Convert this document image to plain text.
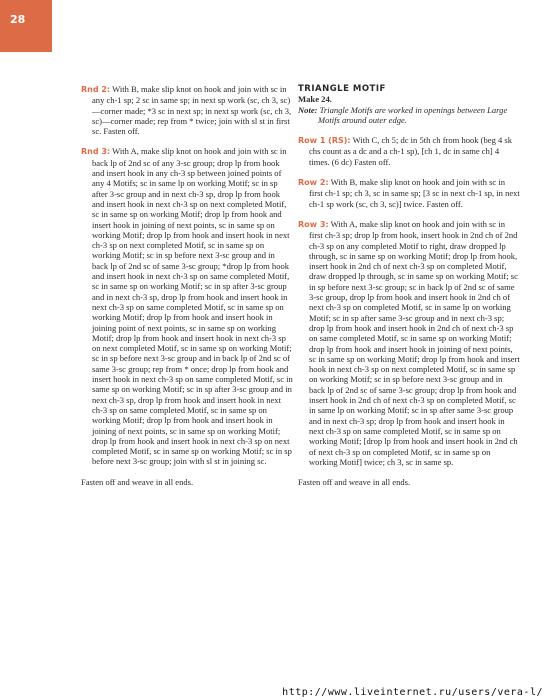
28

Rnd 2: With B, make slip knot on hook and join with sc in any ch-1 sp; 2 sc in same sp; in next sp work (sc, ch 3, sc)—corner made; *3 sc in next sp; in next sp work (sc, ch 3, sc)—corner made; rep from * twice; join with sl st in first sc. Fasten off.

Rnd 3: With A, make slip knot on hook and join with sc in back lp of 2nd sc of any 3-sc group; drop lp from hook and insert hook in any ch-3 sp between joined points of any 4 Motifs; sc in same lp on working Motif; sc in sp after 3-sc group and in next ch-3 sp, drop lp from hook and insert hook in next ch-3 sp on next completed Motif, sc in same sp on working Motif; drop lp from hook and insert hook in joining of next points, sc in same sp on working Motif; drop lp from hook and insert hook in next ch-3 sp on next completed Motif, sc in same sp on working Motif; sc in sp before next 3-sc group and in back lp of 2nd sc of same 3-sc group; *drop lp from hook and insert hook in next ch-3 sp on same completed Motif, sc in same sp on working Motif; sc in sp after 3-sc group and in next ch-3 sp, drop lp from hook and insert hook in next ch-3 sp on same completed Motif, sc in same sp on working Motif; drop lp from hook and insert hook in joining point of next points, sc in same sp on working Motif; drop lp from hook and insert hook in next ch-3 sp on next completed Motif, sc in same sp on working Motif; sc in sp before next 3-sc group and in back lp of 2nd sc of same 3-sc group; rep from * once; drop lp from hook and insert hook in next ch-3 sp on same completed Motif, sc in same sp on working Motif; sc in sp after 3-sc group and in next ch-3 sp, drop lp from hook and insert hook in next ch-3 sp on same completed Motif, sc in same sp on working Motif; drop lp from hook and insert hook in joining of next points, sc in same sp on working Motif; drop lp from hook and insert hook in next ch-3 sp on next completed Motif, sc in same sp on working Motif; sc in sp before next 3-sc group; join with sl st in joining sc.

Fasten off and weave in all ends.

TRIANGLE MOTIF

Make 24.

Note: Triangle Motifs are worked in openings between Large Motifs around outer edge.

Row 1 (RS): With C, ch 5; dc in 5th ch from hook (beg 4 sk chs count as a dc and a ch-1 sp), [ch 1, dc in same ch] 4 times. (6 dc) Fasten off.

Row 2: With B, make slip knot on hook and join with sc in first ch-1 sp; ch 3, sc in same sp; [3 sc in next ch-1 sp, in next ch-1 sp work (sc, ch 3, sc)] twice. Fasten off.

Row 3: With A, make slip knot on hook and join with sc in first ch-3 sp; drop lp from hook, insert hook in 2nd ch of 2nd ch-3 sp on any completed Motif to right, draw dropped lp through, sc in same sp on working Motif; drop lp from hook, insert hook in 2nd ch of next ch-3 sp on completed Motif, draw dropped lp through, sc in same sp on working Motif; sc in sp before next 3-sc group; sc in back lp of 2nd sc of same 3-sc group, drop lp from hook and insert hook in 2nd ch of next ch-3 sp on completed Motif, sc in same lp on working Motif; sc in sp after same 3-sc group and in next ch-3 sp; drop lp from hook and insert hook in 2nd ch of next ch-3 sp on same completed Motif, sc in same sp on working Motif; drop lp from hook and insert hook in joining of next points, sc in same sp on working Motif; drop lp from hook and insert hook in next ch-3 sp on next completed Motif, sc in same sp on working Motif; sc in sp before next 3-sc group and in back lp of 2nd sc of same 3-sc group; drop lp from hook and insert hook in 2nd ch of next ch-3 sp on completed Motif, sc in same lp on working Motif; sc in sp after same 3-sc group and in next ch-3 sp; drop lp from hook and insert hook in next ch-3 sp on same completed Motif, sc in same sp on working Motif; [drop lp from hook and insert hook in 2nd ch of next ch-3 sp on completed Motif, sc in same sp on working Motif] twice; ch 3, sc in same sp.

Fasten off and weave in all ends.

http://www.liveinternet.ru/users/vera-l/
